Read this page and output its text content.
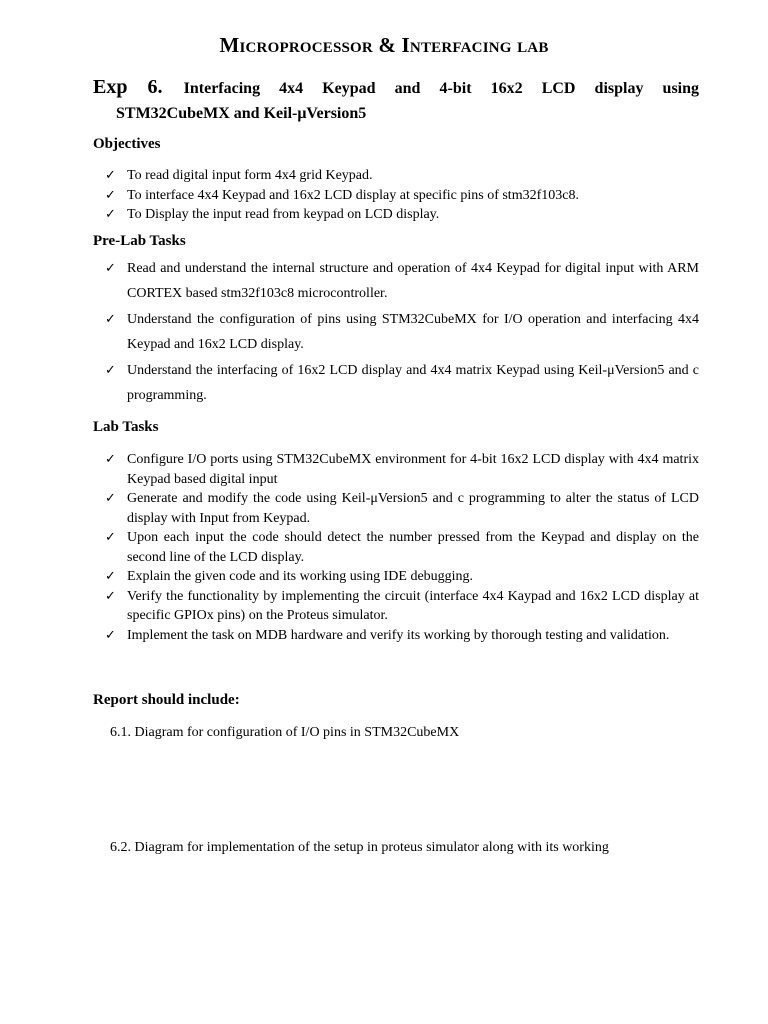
Microprocessor & Interfacing lab
Exp 6. Interfacing 4x4 Keypad and 4-bit 16x2 LCD display using
STM32CubeMX and Keil-μVersion5
Objectives
✓ To read digital input form 4x4 grid Keypad.
✓ To interface 4x4 Keypad and 16x2 LCD display at specific pins of stm32f103c8.
✓ To Display the input read from keypad on LCD display.
Pre-Lab Tasks
✓ Read and understand the internal structure and operation of 4x4 Keypad for digital input with ARM CORTEX based stm32f103c8 microcontroller.
✓ Understand the configuration of pins using STM32CubeMX for I/O operation and interfacing 4x4 Keypad and 16x2 LCD display.
✓ Understand the interfacing of 16x2 LCD display and 4x4 matrix Keypad using Keil-μVersion5 and c programming.
Lab Tasks
✓ Configure I/O ports using STM32CubeMX environment for 4-bit 16x2 LCD display with 4x4 matrix Keypad based digital input
✓ Generate and modify the code using Keil-μVersion5 and c programming to alter the status of LCD display with Input from Keypad.
✓ Upon each input the code should detect the number pressed from the Keypad and display on the second line of the LCD display.
✓ Explain the given code and its working using IDE debugging.
✓ Verify the functionality by implementing the circuit (interface 4x4 Kaypad and 16x2 LCD display at specific GPIOx pins) on the Proteus simulator.
✓ Implement the task on MDB hardware and verify its working by thorough testing and validation.
Report should include:
6.1. Diagram for configuration of I/O pins in STM32CubeMX
6.2. Diagram for implementation of the setup in proteus simulator along with its working
